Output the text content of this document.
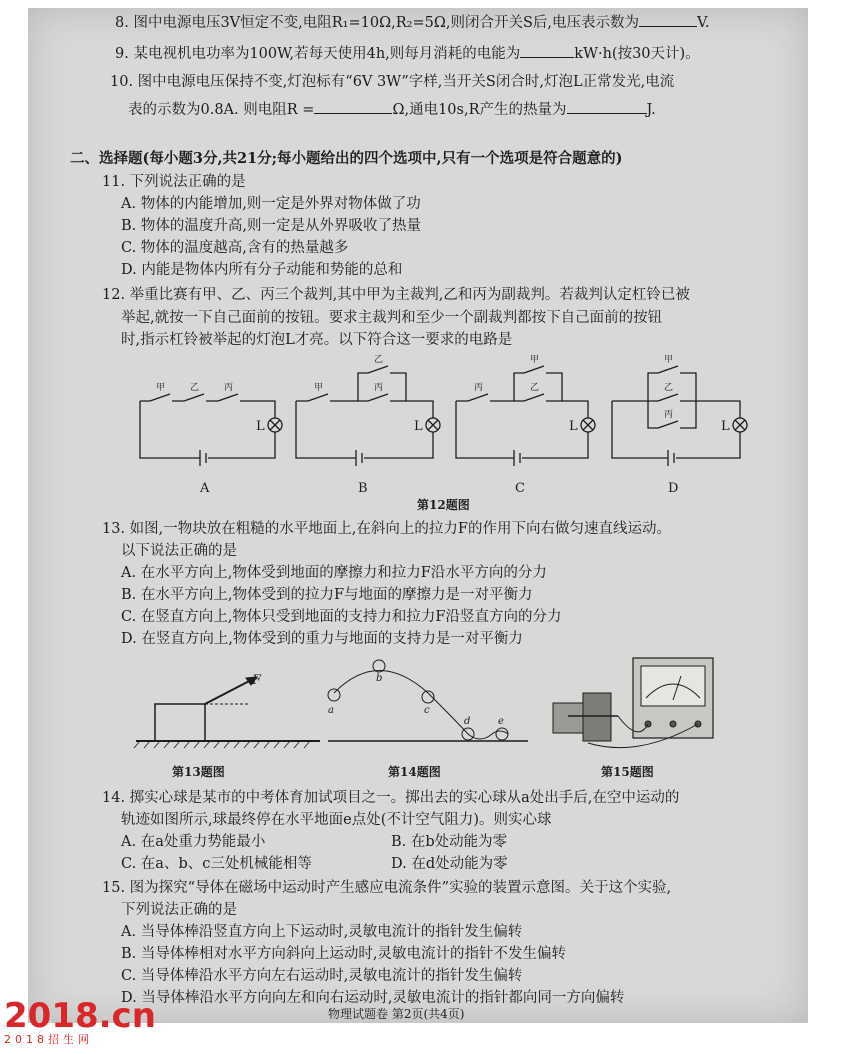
8. 图中电源电压3V恒定不变,电阻R₁=10Ω,R₂=5Ω,则闭合开关S后,电压表示数为	V.
9. 某电视机电功率为100W,若每天使用4h,则每月消耗的电能为	kW·h(按30天计)。
10. 图中电源电压保持不变,灯泡标有“6V 3W”字样,当开关S闭合时,灯泡L正常发光,电流
表的示数为0.8A. 则电阻R =	Ω,通电10s,R产生的热量为	J.
二、选择题(每小题3分,共21分;每小题给出的四个选项中,只有一个选项是符合题意的)
11. 下列说法正确的是
A. 物体的内能增加,则一定是外界对物体做了功
B. 物体的温度升高,则一定是从外界吸收了热量
C. 物体的温度越高,含有的热量越多
D. 内能是物体内所有分子动能和势能的总和
12. 举重比赛有甲、乙、丙三个裁判,其中甲为主裁判,乙和丙为副裁判。若裁判认定杠铃已被
举起,就按一下自己面前的按钮。要求主裁判和至少一个副裁判都按下自己面前的按钮
时,指示杠铃被举起的灯泡L才亮。以下符合这一要求的电路是
甲	乙	丙	甲
乙
丙	丙
甲
乙
甲
乙
丙
L	L	L	L
A	B	C	D
第12题图
13. 如图,一物块放在粗糙的水平地面上,在斜向上的拉力F的作用下向右做匀速直线运动。
以下说法正确的是
A. 在水平方向上,物体受到地面的摩擦力和拉力F沿水平方向的分力
B. 在水平方向上,物体受到的拉力F与地面的摩擦力是一对平衡力
C. 在竖直方向上,物体只受到地面的支持力和拉力F沿竖直方向的分力
D. 在竖直方向上,物体受到的重力与地面的支持力是一对平衡力
F
a
b
c
d	e
第13题图	第14题图	第15题图
14. 掷实心球是某市的中考体育加试项目之一。掷出去的实心球从a处出手后,在空中运动的
轨迹如图所示,球最终停在水平地面e点处(不计空气阻力)。则实心球
A. 在a处重力势能最小	B. 在b处动能为零
C. 在a、b、c三处机械能相等	D. 在d处动能为零
15. 图为探究“导体在磁场中运动时产生感应电流条件”实验的装置示意图。关于这个实验,
下列说法正确的是
A. 当导体棒沿竖直方向上下运动时,灵敏电流计的指针发生偏转
B. 当导体棒相对水平方向斜向上运动时,灵敏电流计的指针不发生偏转
C. 当导体棒沿水平方向左右运动时,灵敏电流计的指针发生偏转
D. 当导体棒沿水平方向向左和向右运动时,灵敏电流计的指针都向同一方向偏转
物理试题卷 第2页(共4页)
2018.cn
2018招生网
